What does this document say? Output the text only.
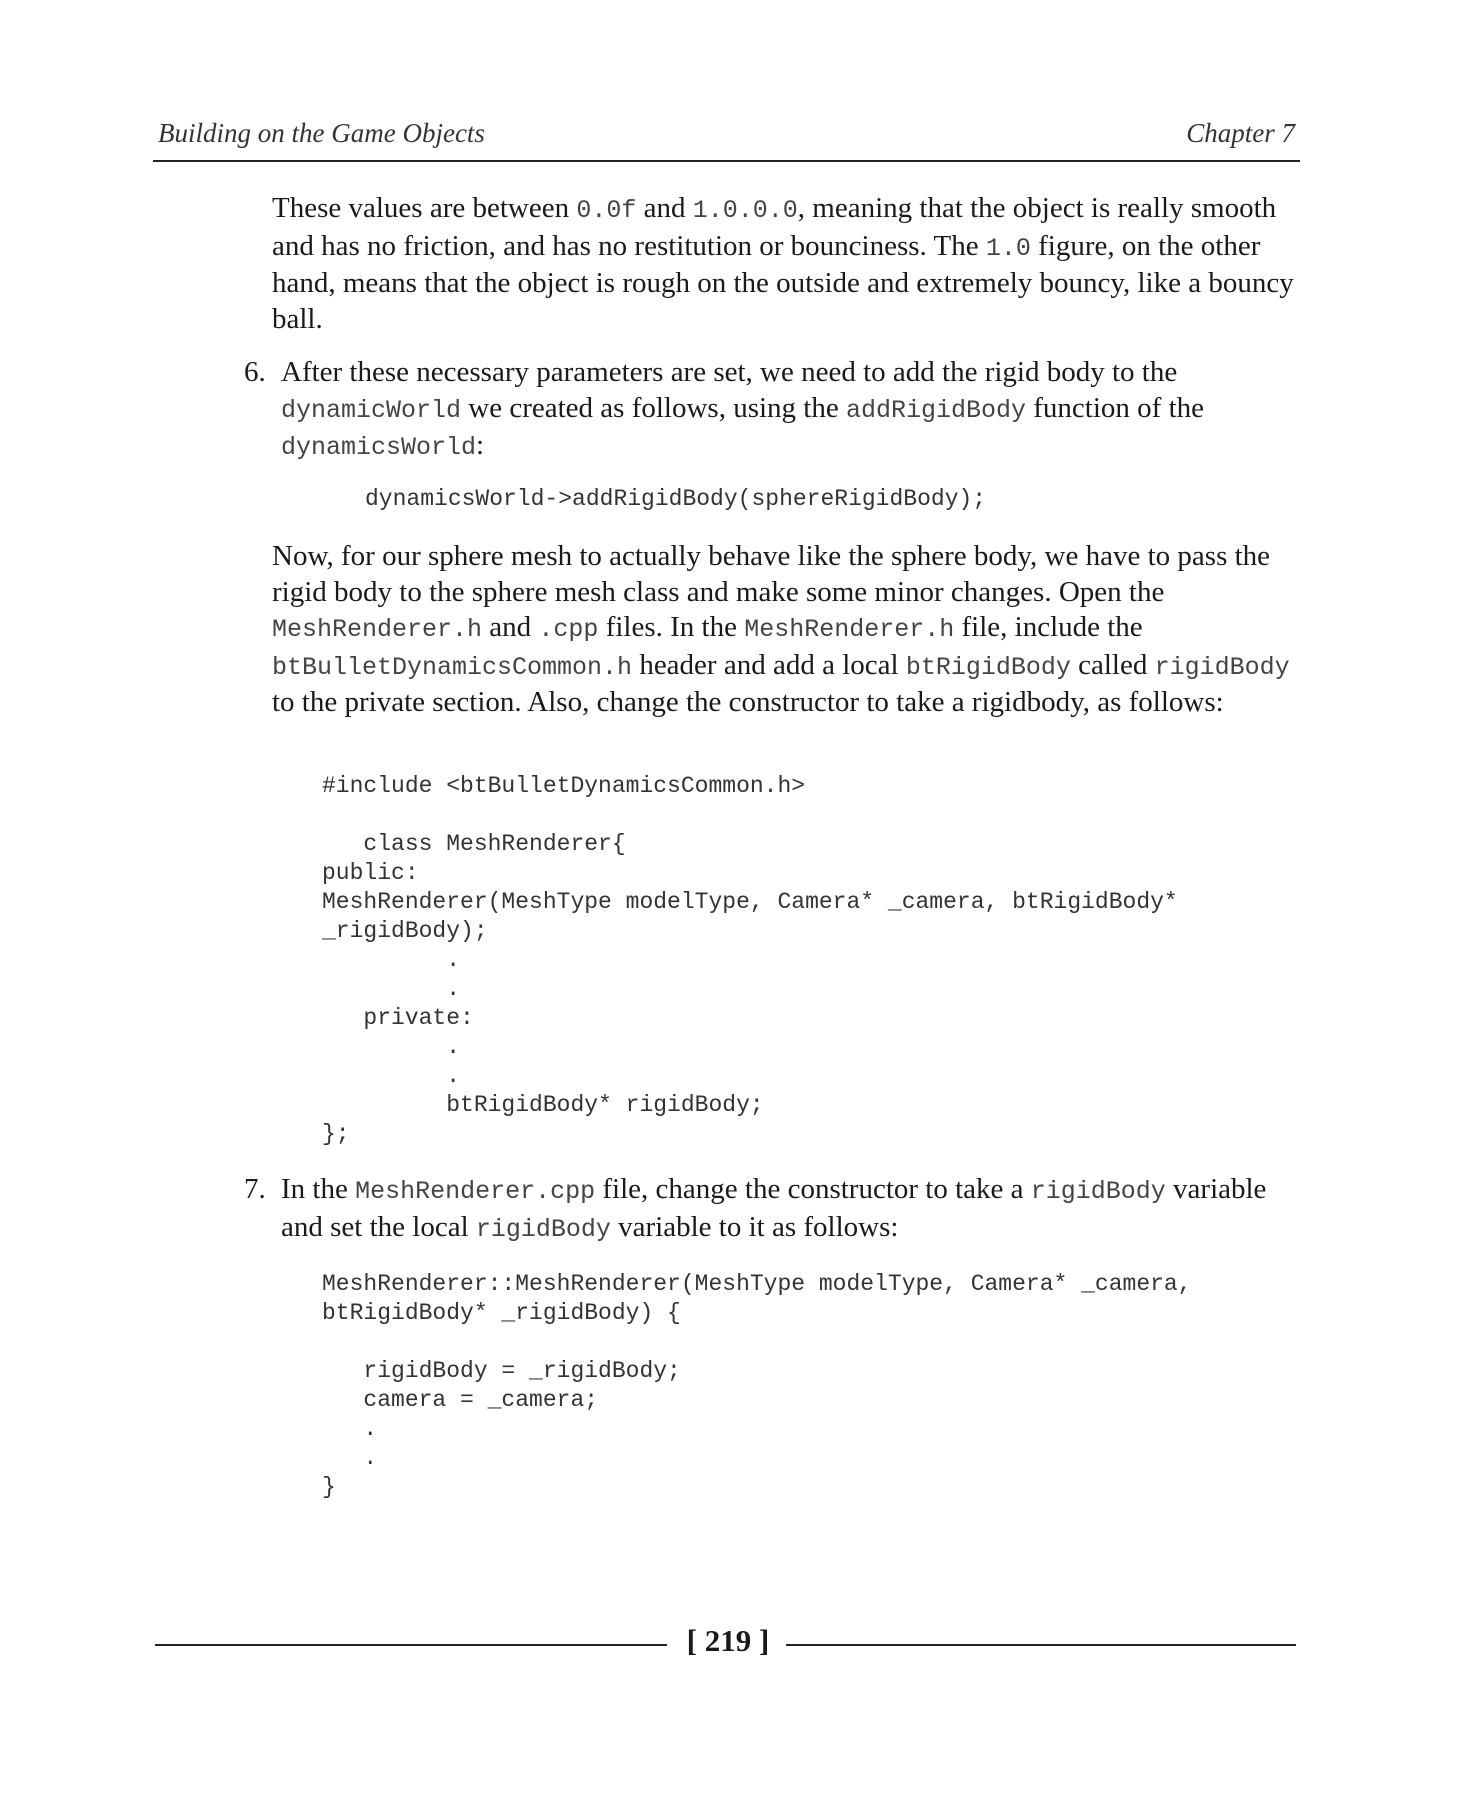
Building on the Game Objects	Chapter 7

These values are between 0.0f and 1.0.0.0, meaning that the object is really smooth and has no friction, and has no restitution or bounciness. The 1.0 figure, on the other hand, means that the object is rough on the outside and extremely bouncy, like a bouncy ball.

6. After these necessary parameters are set, we need to add the rigid body to the dynamicWorld we created as follows, using the addRigidBody function of the dynamicsWorld:
dynamicsWorld->addRigidBody(sphereRigidBody);

Now, for our sphere mesh to actually behave like the sphere body, we have to pass the rigid body to the sphere mesh class and make some minor changes. Open the MeshRenderer.h and .cpp files. In the MeshRenderer.h file, include the btBulletDynamicsCommon.h header and add a local btRigidBody called rigidBody to the private section. Also, change the constructor to take a rigidbody, as follows:

#include <btBulletDynamicsCommon.h>

class MeshRenderer{
public:
MeshRenderer(MeshType modelType, Camera* _camera, btRigidBody*
_rigidBody);
.
.
private:
.
.
btRigidBody* rigidBody;
};
7. In the MeshRenderer.cpp file, change the constructor to take a rigidBody variable and set the local rigidBody variable to it as follows:
MeshRenderer::MeshRenderer(MeshType modelType, Camera* _camera,
btRigidBody* _rigidBody) {

rigidBody = _rigidBody;
camera = _camera;
.
.
}
[ 219 ]
